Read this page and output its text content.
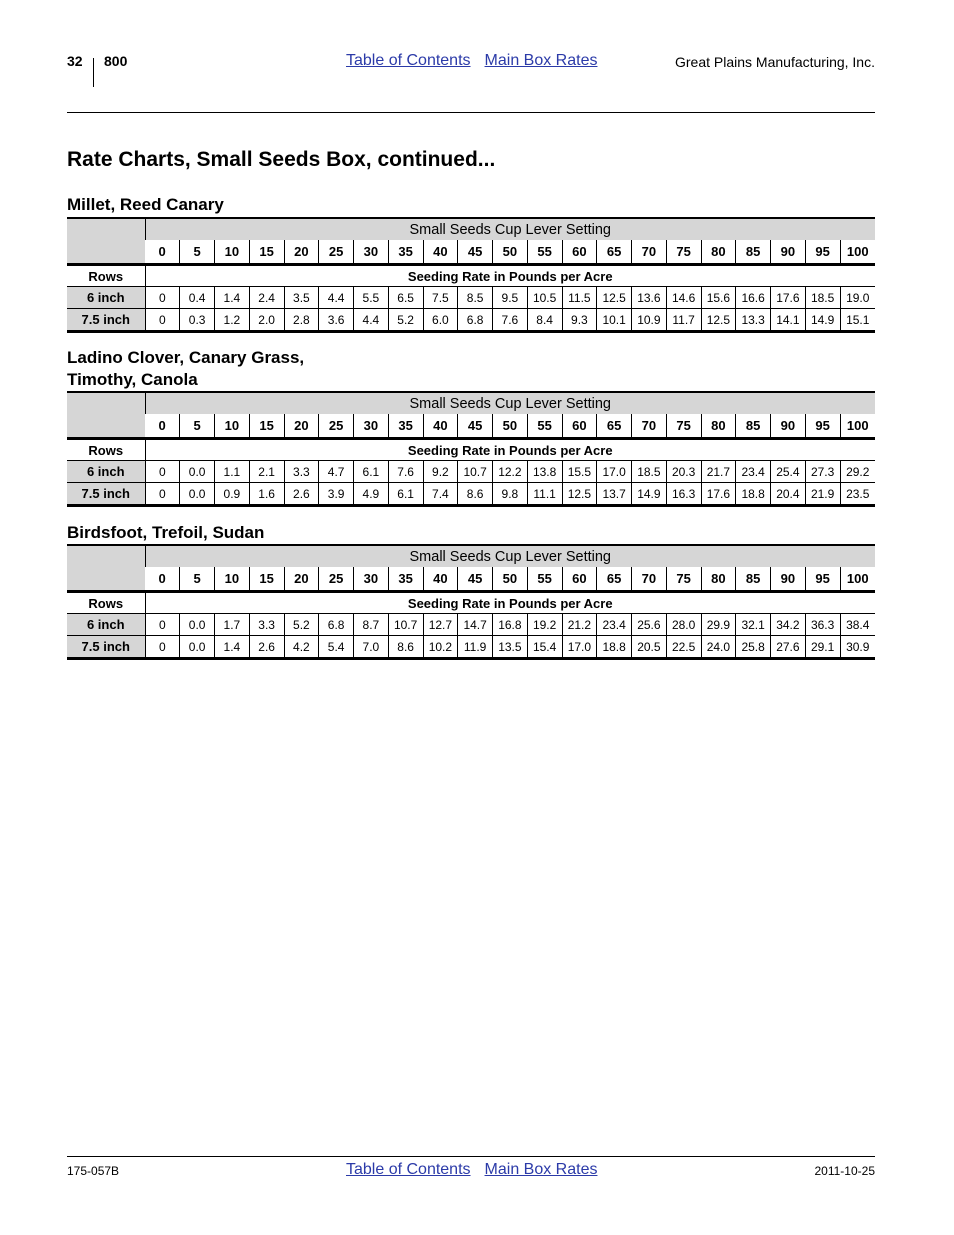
32 800	Table of Contents Main Box Rates	Great Plains Manufacturing, Inc.
Rate Charts, Small Seeds Box, continued...
Millet, Reed Canary
Ladino Clover, Canary Grass,
Timothy, Canola
Birdsfoot, Trefoil, Sudan
	Small Seeds Cup Lever Setting																				
	0	5	10	15	20	25	30	35	40	45	50	55	60	65	70	75	80	85	90	95	100
Rows	Seeding Rate in Pounds per Acre																				
6 inch	0	0.4	1.4	2.4	3.5	4.4	5.5	6.5	7.5	8.5	9.5	10.5	11.5	12.5	13.6	14.6	15.6	16.6	17.6	18.5	19.0
7.5 inch	0	0.3	1.2	2.0	2.8	3.6	4.4	5.2	6.0	6.8	7.6	8.4	9.3	10.1	10.9	11.7	12.5	13.3	14.1	14.9	15.1
	Small Seeds Cup Lever Setting																				
	0	5	10	15	20	25	30	35	40	45	50	55	60	65	70	75	80	85	90	95	100
Rows	Seeding Rate in Pounds per Acre																				
6 inch	0	0.0	1.1	2.1	3.3	4.7	6.1	7.6	9.2	10.7	12.2	13.8	15.5	17.0	18.5	20.3	21.7	23.4	25.4	27.3	29.2
7.5 inch	0	0.0	0.9	1.6	2.6	3.9	4.9	6.1	7.4	8.6	9.8	11.1	12.5	13.7	14.9	16.3	17.6	18.8	20.4	21.9	23.5
	Small Seeds Cup Lever Setting																				
	0	5	10	15	20	25	30	35	40	45	50	55	60	65	70	75	80	85	90	95	100
Rows	Seeding Rate in Pounds per Acre																				
6 inch	0	0.0	1.7	3.3	5.2	6.8	8.7	10.7	12.7	14.7	16.8	19.2	21.2	23.4	25.6	28.0	29.9	32.1	34.2	36.3	38.4
7.5 inch	0	0.0	1.4	2.6	4.2	5.4	7.0	8.6	10.2	11.9	13.5	15.4	17.0	18.8	20.5	22.5	24.0	25.8	27.6	29.1	30.9
175-057B	Table of Contents Main Box Rates	2011-10-25
